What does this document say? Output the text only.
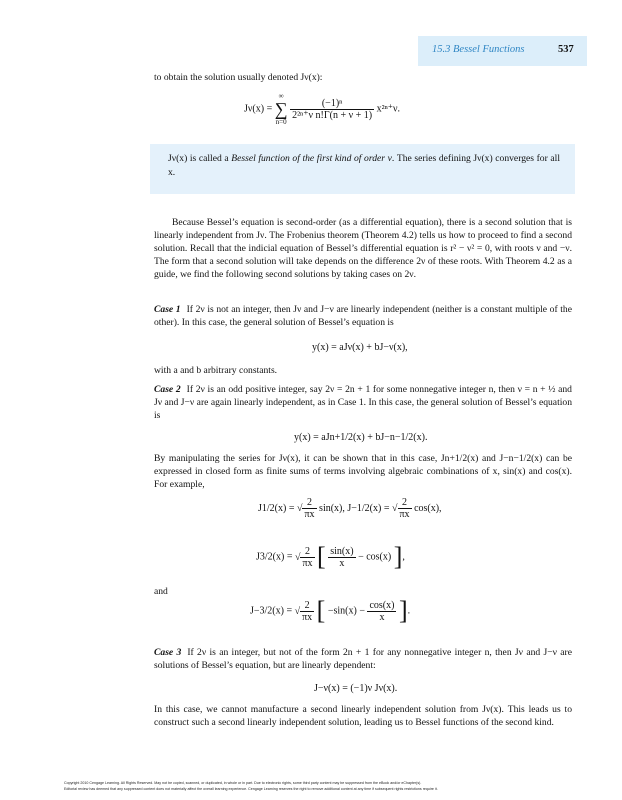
15.3 Bessel Functions	537

to obtain the solution usually denoted Jν(x):

Jν(x) =
∞
∑
n=0

$\frac{\text{(−1)ⁿ}}{\text{2²ⁿ⁺ν n!Γ(n + ν + 1)}} x^{2n+}\nu$.

Jν(x) is called a Bessel function of the first kind of order ν. The series defining Jν(x) converges for all x.

Because Bessel’s equation is second-order (as a differential equation), there is a second solution that is linearly independent from Jν. The Frobenius theorem (Theorem 4.2) tells us how to proceed to find a second solution. Recall that the indicial equation of Bessel’s differential equation is r² − ν² = 0, with roots ν and −ν. The form that a second solution will take depends on the difference 2ν of these roots. With Theorem 4.2 as a guide, we find the following second solutions by taking cases on 2ν.

Case 1 If 2ν is not an integer, then Jν and J−ν are linearly independent (neither is a constant multiple of the other). In this case, the general solution of Bessel’s equation is

y(x) = aJν(x) + bJ−ν(x),

with a and b arbitrary constants.

Case 2 If 2ν is an odd positive integer, say 2ν = 2n + 1 for some nonnegative integer n, then ν = n + ½ and Jν and J−ν are again linearly independent, as in Case 1. In this case, the general solution of Bessel’s equation is

y(x) = aJn+1/2(x) + bJ−n−1/2(x).

By manipulating the series for Jν(x), it can be shown that in this case, Jn+1/2(x) and J−n−1/2(x) can be expressed in closed form as finite sums of terms involving algebraic combinations of x, sin(x) and cos(x). For example,

J1/2(x) = √ $\frac{2}{\pi x} \sin(x)$, J−1/2(x) = √ $\frac{2}{\pi x} \cos(x)$,
J3/2(x) = √ $\frac{2}{\pi x}$ [ $\frac{\sin(x)}{x} - \cos(x)$ ],

and

J−3/2(x) = √ $\frac{2}{\pi x}$ [ $-\sin(x) - \frac{\cos(x)}{x}$ ].

Case 3 If 2ν is an integer, but not of the form 2n + 1 for any nonnegative integer n, then Jν and J−ν are solutions of Bessel’s equation, but are linearly dependent:

J−ν(x) = (−1)ν Jν(x).

In this case, we cannot manufacture a second linearly independent solution from Jν(x). This leads us to construct such a second linearly independent solution, leading us to Bessel functions of the second kind.

Copyright 2010 Cengage Learning. All Rights Reserved. May not be copied, scanned, or duplicated, in whole or in part. Due to electronic rights, some third party content may be suppressed from the eBook and/or eChapter(s).
Editorial review has deemed that any suppressed content does not materially affect the overall learning experience. Cengage Learning reserves the right to remove additional content at any time if subsequent rights restrictions require it.
